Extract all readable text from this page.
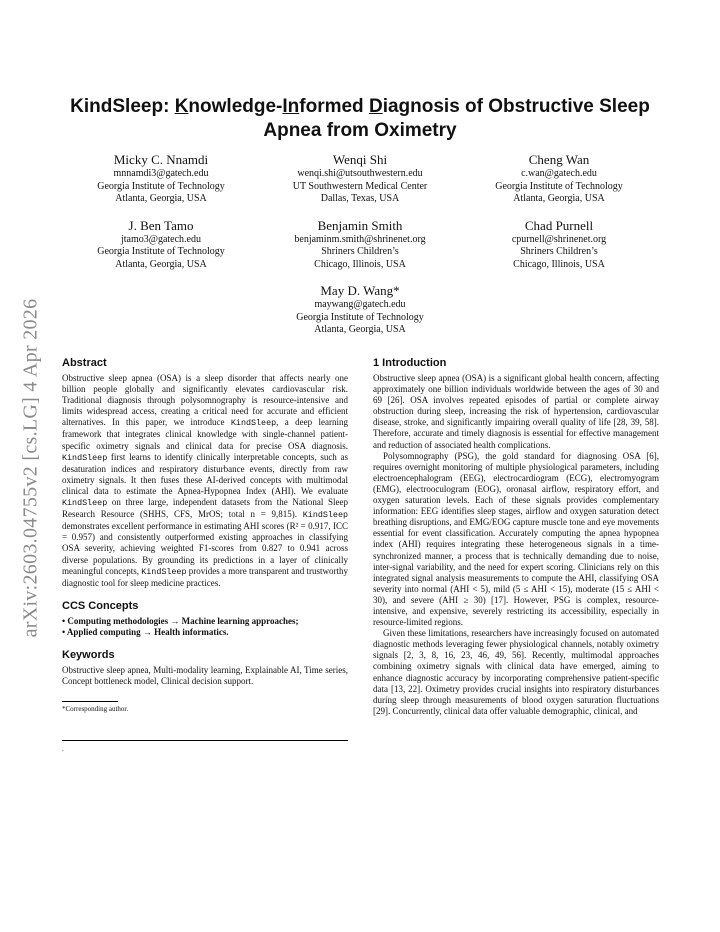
arXiv:2603.04755v2 [cs.LG] 4 Apr 2026
KindSleep: Knowledge-Informed Diagnosis of Obstructive Sleep
Apnea from Oximetry
Micky C. Nnamdi
mnnamdi3@gatech.edu
Georgia Institute of Technology
Atlanta, Georgia, USA
Wenqi Shi
wenqi.shi@utsouthwestern.edu
UT Southwestern Medical Center
Dallas, Texas, USA
Cheng Wan
c.wan@gatech.edu
Georgia Institute of Technology
Atlanta, Georgia, USA
J. Ben Tamo
jtamo3@gatech.edu
Georgia Institute of Technology
Atlanta, Georgia, USA
Benjamin Smith
benjaminm.smith@shrinenet.org
Shriners Children’s
Chicago, Illinois, USA
Chad Purnell
cpurnell@shrinenet.org
Shriners Children’s
Chicago, Illinois, USA
May D. Wang*
maywang@gatech.edu
Georgia Institute of Technology
Atlanta, Georgia, USA
Abstract

Obstructive sleep apnea (OSA) is a sleep disorder that affects nearly one billion people globally and significantly elevates cardiovascular risk. Traditional diagnosis through polysomnography is resource-intensive and limits widespread access, creating a critical need for accurate and efficient alternatives. In this paper, we introduce KindSleep, a deep learning framework that integrates clinical knowledge with single-channel patient-specific oximetry signals and clinical data for precise OSA diagnosis. KindSleep first learns to identify clinically interpretable concepts, such as desaturation indices and respiratory disturbance events, directly from raw oximetry signals. It then fuses these AI-derived concepts with multimodal clinical data to estimate the Apnea-Hypopnea Index (AHI). We evaluate KindSleep on three large, independent datasets from the National Sleep Research Resource (SHHS, CFS, MrOS; total n = 9,815). KindSleep demonstrates excellent performance in estimating AHI scores (R² = 0.917, ICC = 0.957) and consistently outperformed existing approaches in classifying OSA severity, achieving weighted F1-scores from 0.827 to 0.941 across diverse populations. By grounding its predictions in a layer of clinically meaningful concepts, KindSleep provides a more transparent and trustworthy diagnostic tool for sleep medicine practices.

CCS Concepts
• Computing methodologies → Machine learning approaches;
• Applied computing → Health informatics.
Keywords

Obstructive sleep apnea, Multi-modality learning, Explainable AI, Time series, Concept bottleneck model, Clinical decision support.

*Corresponding author.
.
1 Introduction

Obstructive sleep apnea (OSA) is a significant global health concern, affecting approximately one billion individuals worldwide between the ages of 30 and 69 [26]. OSA involves repeated episodes of partial or complete airway obstruction during sleep, increasing the risk of hypertension, cardiovascular disease, stroke, and significantly impairing overall quality of life [28, 39, 58]. Therefore, accurate and timely diagnosis is essential for effective management and reduction of associated health complications.

Polysomnography (PSG), the gold standard for diagnosing OSA [6], requires overnight monitoring of multiple physiological parameters, including electroencephalogram (EEG), electrocardiogram (ECG), electromyogram (EMG), electrooculogram (EOG), oronasal airflow, respiratory effort, and oxygen saturation levels. Each of these signals provides complementary information: EEG identifies sleep stages, airflow and oxygen saturation detect breathing disruptions, and EMG/EOG capture muscle tone and eye movements essential for event classification. Accurately computing the apnea hypopnea index (AHI) requires integrating these heterogeneous signals in a time-synchronized manner, a process that is technically demanding due to noise, inter-signal variability, and the need for expert scoring. Clinicians rely on this integrated signal analysis measurements to compute the AHI, classifying OSA severity into normal (AHI < 5), mild (5 ≤ AHI < 15), moderate (15 ≤ AHI < 30), and severe (AHI ≥ 30) [17]. However, PSG is complex, resource-intensive, and expensive, severely restricting its accessibility, especially in resource-limited regions.

Given these limitations, researchers have increasingly focused on automated diagnostic methods leveraging fewer physiological channels, notably oximetry signals [2, 3, 8, 16, 23, 46, 49, 56]. Recently, multimodal approaches combining oximetry signals with clinical data have emerged, aiming to enhance diagnostic accuracy by incorporating comprehensive patient-specific data [13, 22]. Oximetry provides crucial insights into respiratory disturbances during sleep through measurements of blood oxygen saturation fluctuations [29]. Concurrently, clinical data offer valuable demographic, clinical, and
